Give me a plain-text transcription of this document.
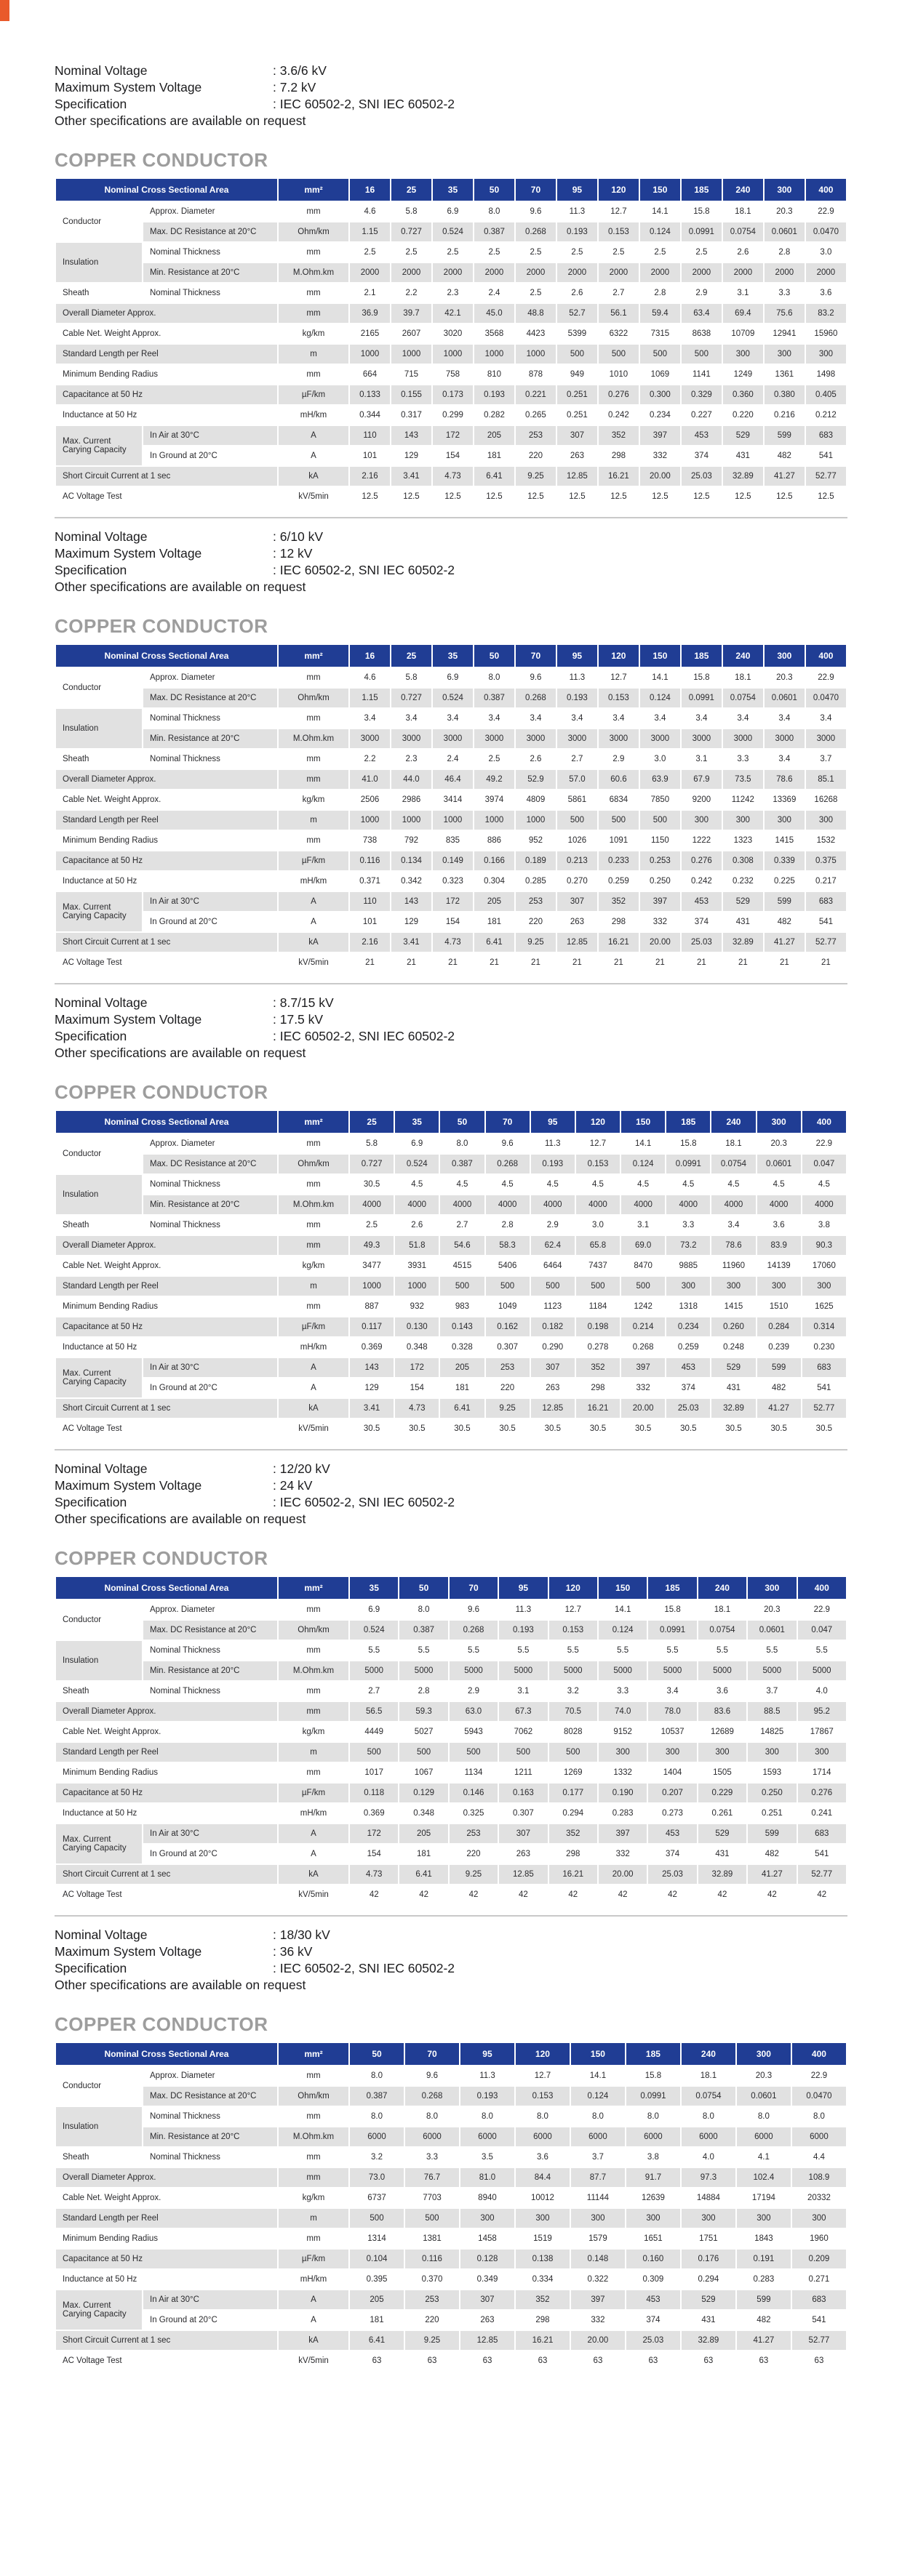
Nominal Voltage	: 3.6/6 kV
Maximum System Voltage	: 7.2 kV
Specification	: IEC 60502-2, SNI IEC 60502-2
Other specifications are available on request
COPPER CONDUCTOR
Nominal Cross Sectional Area		mm²	16	25	35	50	70	95	120	150	185	240	300	400
Conductor	Approx. Diameter	mm	4.6	5.8	6.9	8.0	9.6	11.3	12.7	14.1	15.8	18.1	20.3	22.9
	Max. DC Resistance at 20°C	Ohm/km	1.15	0.727	0.524	0.387	0.268	0.193	0.153	0.124	0.0991	0.0754	0.0601	0.0470
Insulation	Nominal Thickness	mm	2.5	2.5	2.5	2.5	2.5	2.5	2.5	2.5	2.5	2.6	2.8	3.0
	Min. Resistance at 20°C	M.Ohm.km	2000	2000	2000	2000	2000	2000	2000	2000	2000	2000	2000	2000
Sheath	Nominal Thickness	mm	2.1	2.2	2.3	2.4	2.5	2.6	2.7	2.8	2.9	3.1	3.3	3.6
Overall Diameter Approx.		mm	36.9	39.7	42.1	45.0	48.8	52.7	56.1	59.4	63.4	69.4	75.6	83.2
Cable Net. Weight Approx.		kg/km	2165	2607	3020	3568	4423	5399	6322	7315	8638	10709	12941	15960
Standard Length per Reel		m	1000	1000	1000	1000	1000	500	500	500	500	300	300	300
Minimum Bending Radius		mm	664	715	758	810	878	949	1010	1069	1141	1249	1361	1498
Capacitance at 50 Hz		µF/km	0.133	0.155	0.173	0.193	0.221	0.251	0.276	0.300	0.329	0.360	0.380	0.405
Inductance at 50 Hz		mH/km	0.344	0.317	0.299	0.282	0.265	0.251	0.242	0.234	0.227	0.220	0.216	0.212
Max. Current Carying Capacity	In Air at 30°C	A	110	143	172	205	253	307	352	397	453	529	599	683
	In Ground at 20°C	A	101	129	154	181	220	263	298	332	374	431	482	541
Short Circuit Current at 1 sec		kA	2.16	3.41	4.73	6.41	9.25	12.85	16.21	20.00	25.03	32.89	41.27	52.77
AC Voltage Test		kV/5min	12.5	12.5	12.5	12.5	12.5	12.5	12.5	12.5	12.5	12.5	12.5	12.5
Nominal Voltage	: 6/10 kV
Maximum System Voltage	: 12 kV
Specification	: IEC 60502-2, SNI IEC 60502-2
Other specifications are available on request
COPPER CONDUCTOR
Nominal Cross Sectional Area		mm²	16	25	35	50	70	95	120	150	185	240	300	400
Conductor	Approx. Diameter	mm	4.6	5.8	6.9	8.0	9.6	11.3	12.7	14.1	15.8	18.1	20.3	22.9
	Max. DC Resistance at 20°C	Ohm/km	1.15	0.727	0.524	0.387	0.268	0.193	0.153	0.124	0.0991	0.0754	0.0601	0.0470
Insulation	Nominal Thickness	mm	3.4	3.4	3.4	3.4	3.4	3.4	3.4	3.4	3.4	3.4	3.4	3.4
	Min. Resistance at 20°C	M.Ohm.km	3000	3000	3000	3000	3000	3000	3000	3000	3000	3000	3000	3000
Sheath	Nominal Thickness	mm	2.2	2.3	2.4	2.5	2.6	2.7	2.9	3.0	3.1	3.3	3.4	3.7
Overall Diameter Approx.		mm	41.0	44.0	46.4	49.2	52.9	57.0	60.6	63.9	67.9	73.5	78.6	85.1
Cable Net. Weight Approx.		kg/km	2506	2986	3414	3974	4809	5861	6834	7850	9200	11242	13369	16268
Standard Length per Reel		m	1000	1000	1000	1000	1000	500	500	500	300	300	300	300
Minimum Bending Radius		mm	738	792	835	886	952	1026	1091	1150	1222	1323	1415	1532
Capacitance at 50 Hz		µF/km	0.116	0.134	0.149	0.166	0.189	0.213	0.233	0.253	0.276	0.308	0.339	0.375
Inductance at 50 Hz		mH/km	0.371	0.342	0.323	0.304	0.285	0.270	0.259	0.250	0.242	0.232	0.225	0.217
Max. Current Carying Capacity	In Air at 30°C	A	110	143	172	205	253	307	352	397	453	529	599	683
	In Ground at 20°C	A	101	129	154	181	220	263	298	332	374	431	482	541
Short Circuit Current at 1 sec		kA	2.16	3.41	4.73	6.41	9.25	12.85	16.21	20.00	25.03	32.89	41.27	52.77
AC Voltage Test		kV/5min	21	21	21	21	21	21	21	21	21	21	21	21
Nominal Voltage	: 8.7/15 kV
Maximum System Voltage	: 17.5 kV
Specification	: IEC 60502-2, SNI IEC 60502-2
Other specifications are available on request
COPPER CONDUCTOR
Nominal Cross Sectional Area		mm²	25	35	50	70	95	120	150	185	240	300	400
Conductor	Approx. Diameter	mm	5.8	6.9	8.0	9.6	11.3	12.7	14.1	15.8	18.1	20.3	22.9
	Max. DC Resistance at 20°C	Ohm/km	0.727	0.524	0.387	0.268	0.193	0.153	0.124	0.0991	0.0754	0.0601	0.047
Insulation	Nominal Thickness	mm	30.5	4.5	4.5	4.5	4.5	4.5	4.5	4.5	4.5	4.5	4.5
	Min. Resistance at 20°C	M.Ohm.km	4000	4000	4000	4000	4000	4000	4000	4000	4000	4000	4000
Sheath	Nominal Thickness	mm	2.5	2.6	2.7	2.8	2.9	3.0	3.1	3.3	3.4	3.6	3.8
Overall Diameter Approx.		mm	49.3	51.8	54.6	58.3	62.4	65.8	69.0	73.2	78.6	83.9	90.3
Cable Net. Weight Approx.		kg/km	3477	3931	4515	5406	6464	7437	8470	9885	11960	14139	17060
Standard Length per Reel		m	1000	1000	500	500	500	500	500	300	300	300	300
Minimum Bending Radius		mm	887	932	983	1049	1123	1184	1242	1318	1415	1510	1625
Capacitance at 50 Hz		µF/km	0.117	0.130	0.143	0.162	0.182	0.198	0.214	0.234	0.260	0.284	0.314
Inductance at 50 Hz		mH/km	0.369	0.348	0.328	0.307	0.290	0.278	0.268	0.259	0.248	0.239	0.230
Max. Current Carying Capacity	In Air at 30°C	A	143	172	205	253	307	352	397	453	529	599	683
	In Ground at 20°C	A	129	154	181	220	263	298	332	374	431	482	541
Short Circuit Current at 1 sec		kA	3.41	4.73	6.41	9.25	12.85	16.21	20.00	25.03	32.89	41.27	52.77
AC Voltage Test		kV/5min	30.5	30.5	30.5	30.5	30.5	30.5	30.5	30.5	30.5	30.5	30.5
Nominal Voltage	: 12/20 kV
Maximum System Voltage	: 24 kV
Specification	: IEC 60502-2, SNI IEC 60502-2
Other specifications are available on request
COPPER CONDUCTOR
Nominal Cross Sectional Area		mm²	35	50	70	95	120	150	185	240	300	400
Conductor	Approx. Diameter	mm	6.9	8.0	9.6	11.3	12.7	14.1	15.8	18.1	20.3	22.9
	Max. DC Resistance at 20°C	Ohm/km	0.524	0.387	0.268	0.193	0.153	0.124	0.0991	0.0754	0.0601	0.047
Insulation	Nominal Thickness	mm	5.5	5.5	5.5	5.5	5.5	5.5	5.5	5.5	5.5	5.5
	Min. Resistance at 20°C	M.Ohm.km	5000	5000	5000	5000	5000	5000	5000	5000	5000	5000
Sheath	Nominal Thickness	mm	2.7	2.8	2.9	3.1	3.2	3.3	3.4	3.6	3.7	4.0
Overall Diameter Approx.		mm	56.5	59.3	63.0	67.3	70.5	74.0	78.0	83.6	88.5	95.2
Cable Net. Weight Approx.		kg/km	4449	5027	5943	7062	8028	9152	10537	12689	14825	17867
Standard Length per Reel		m	500	500	500	500	500	300	300	300	300	300
Minimum Bending Radius		mm	1017	1067	1134	1211	1269	1332	1404	1505	1593	1714
Capacitance at 50 Hz		µF/km	0.118	0.129	0.146	0.163	0.177	0.190	0.207	0.229	0.250	0.276
Inductance at 50 Hz		mH/km	0.369	0.348	0.325	0.307	0.294	0.283	0.273	0.261	0.251	0.241
Max. Current Carying Capacity	In Air at 30°C	A	172	205	253	307	352	397	453	529	599	683
	In Ground at 20°C	A	154	181	220	263	298	332	374	431	482	541
Short Circuit Current at 1 sec		kA	4.73	6.41	9.25	12.85	16.21	20.00	25.03	32.89	41.27	52.77
AC Voltage Test		kV/5min	42	42	42	42	42	42	42	42	42	42
Nominal Voltage	: 18/30 kV
Maximum System Voltage	: 36 kV
Specification	: IEC 60502-2, SNI IEC 60502-2
Other specifications are available on request
COPPER CONDUCTOR
Nominal Cross Sectional Area		mm²	50	70	95	120	150	185	240	300	400
Conductor	Approx. Diameter	mm	8.0	9.6	11.3	12.7	14.1	15.8	18.1	20.3	22.9
	Max. DC Resistance at 20°C	Ohm/km	0.387	0.268	0.193	0.153	0.124	0.0991	0.0754	0.0601	0.0470
Insulation	Nominal Thickness	mm	8.0	8.0	8.0	8.0	8.0	8.0	8.0	8.0	8.0
	Min. Resistance at 20°C	M.Ohm.km	6000	6000	6000	6000	6000	6000	6000	6000	6000
Sheath	Nominal Thickness	mm	3.2	3.3	3.5	3.6	3.7	3.8	4.0	4.1	4.4
Overall Diameter Approx.		mm	73.0	76.7	81.0	84.4	87.7	91.7	97.3	102.4	108.9
Cable Net. Weight Approx.		kg/km	6737	7703	8940	10012	11144	12639	14884	17194	20332
Standard Length per Reel		m	500	500	300	300	300	300	300	300	300
Minimum Bending Radius		mm	1314	1381	1458	1519	1579	1651	1751	1843	1960
Capacitance at 50 Hz		µF/km	0.104	0.116	0.128	0.138	0.148	0.160	0.176	0.191	0.209
Inductance at 50 Hz		mH/km	0.395	0.370	0.349	0.334	0.322	0.309	0.294	0.283	0.271
Max. Current Carying Capacity	In Air at 30°C	A	205	253	307	352	397	453	529	599	683
	In Ground at 20°C	A	181	220	263	298	332	374	431	482	541
Short Circuit Current at 1 sec		kA	6.41	9.25	12.85	16.21	20.00	25.03	32.89	41.27	52.77
AC Voltage Test		kV/5min	63	63	63	63	63	63	63	63	63
